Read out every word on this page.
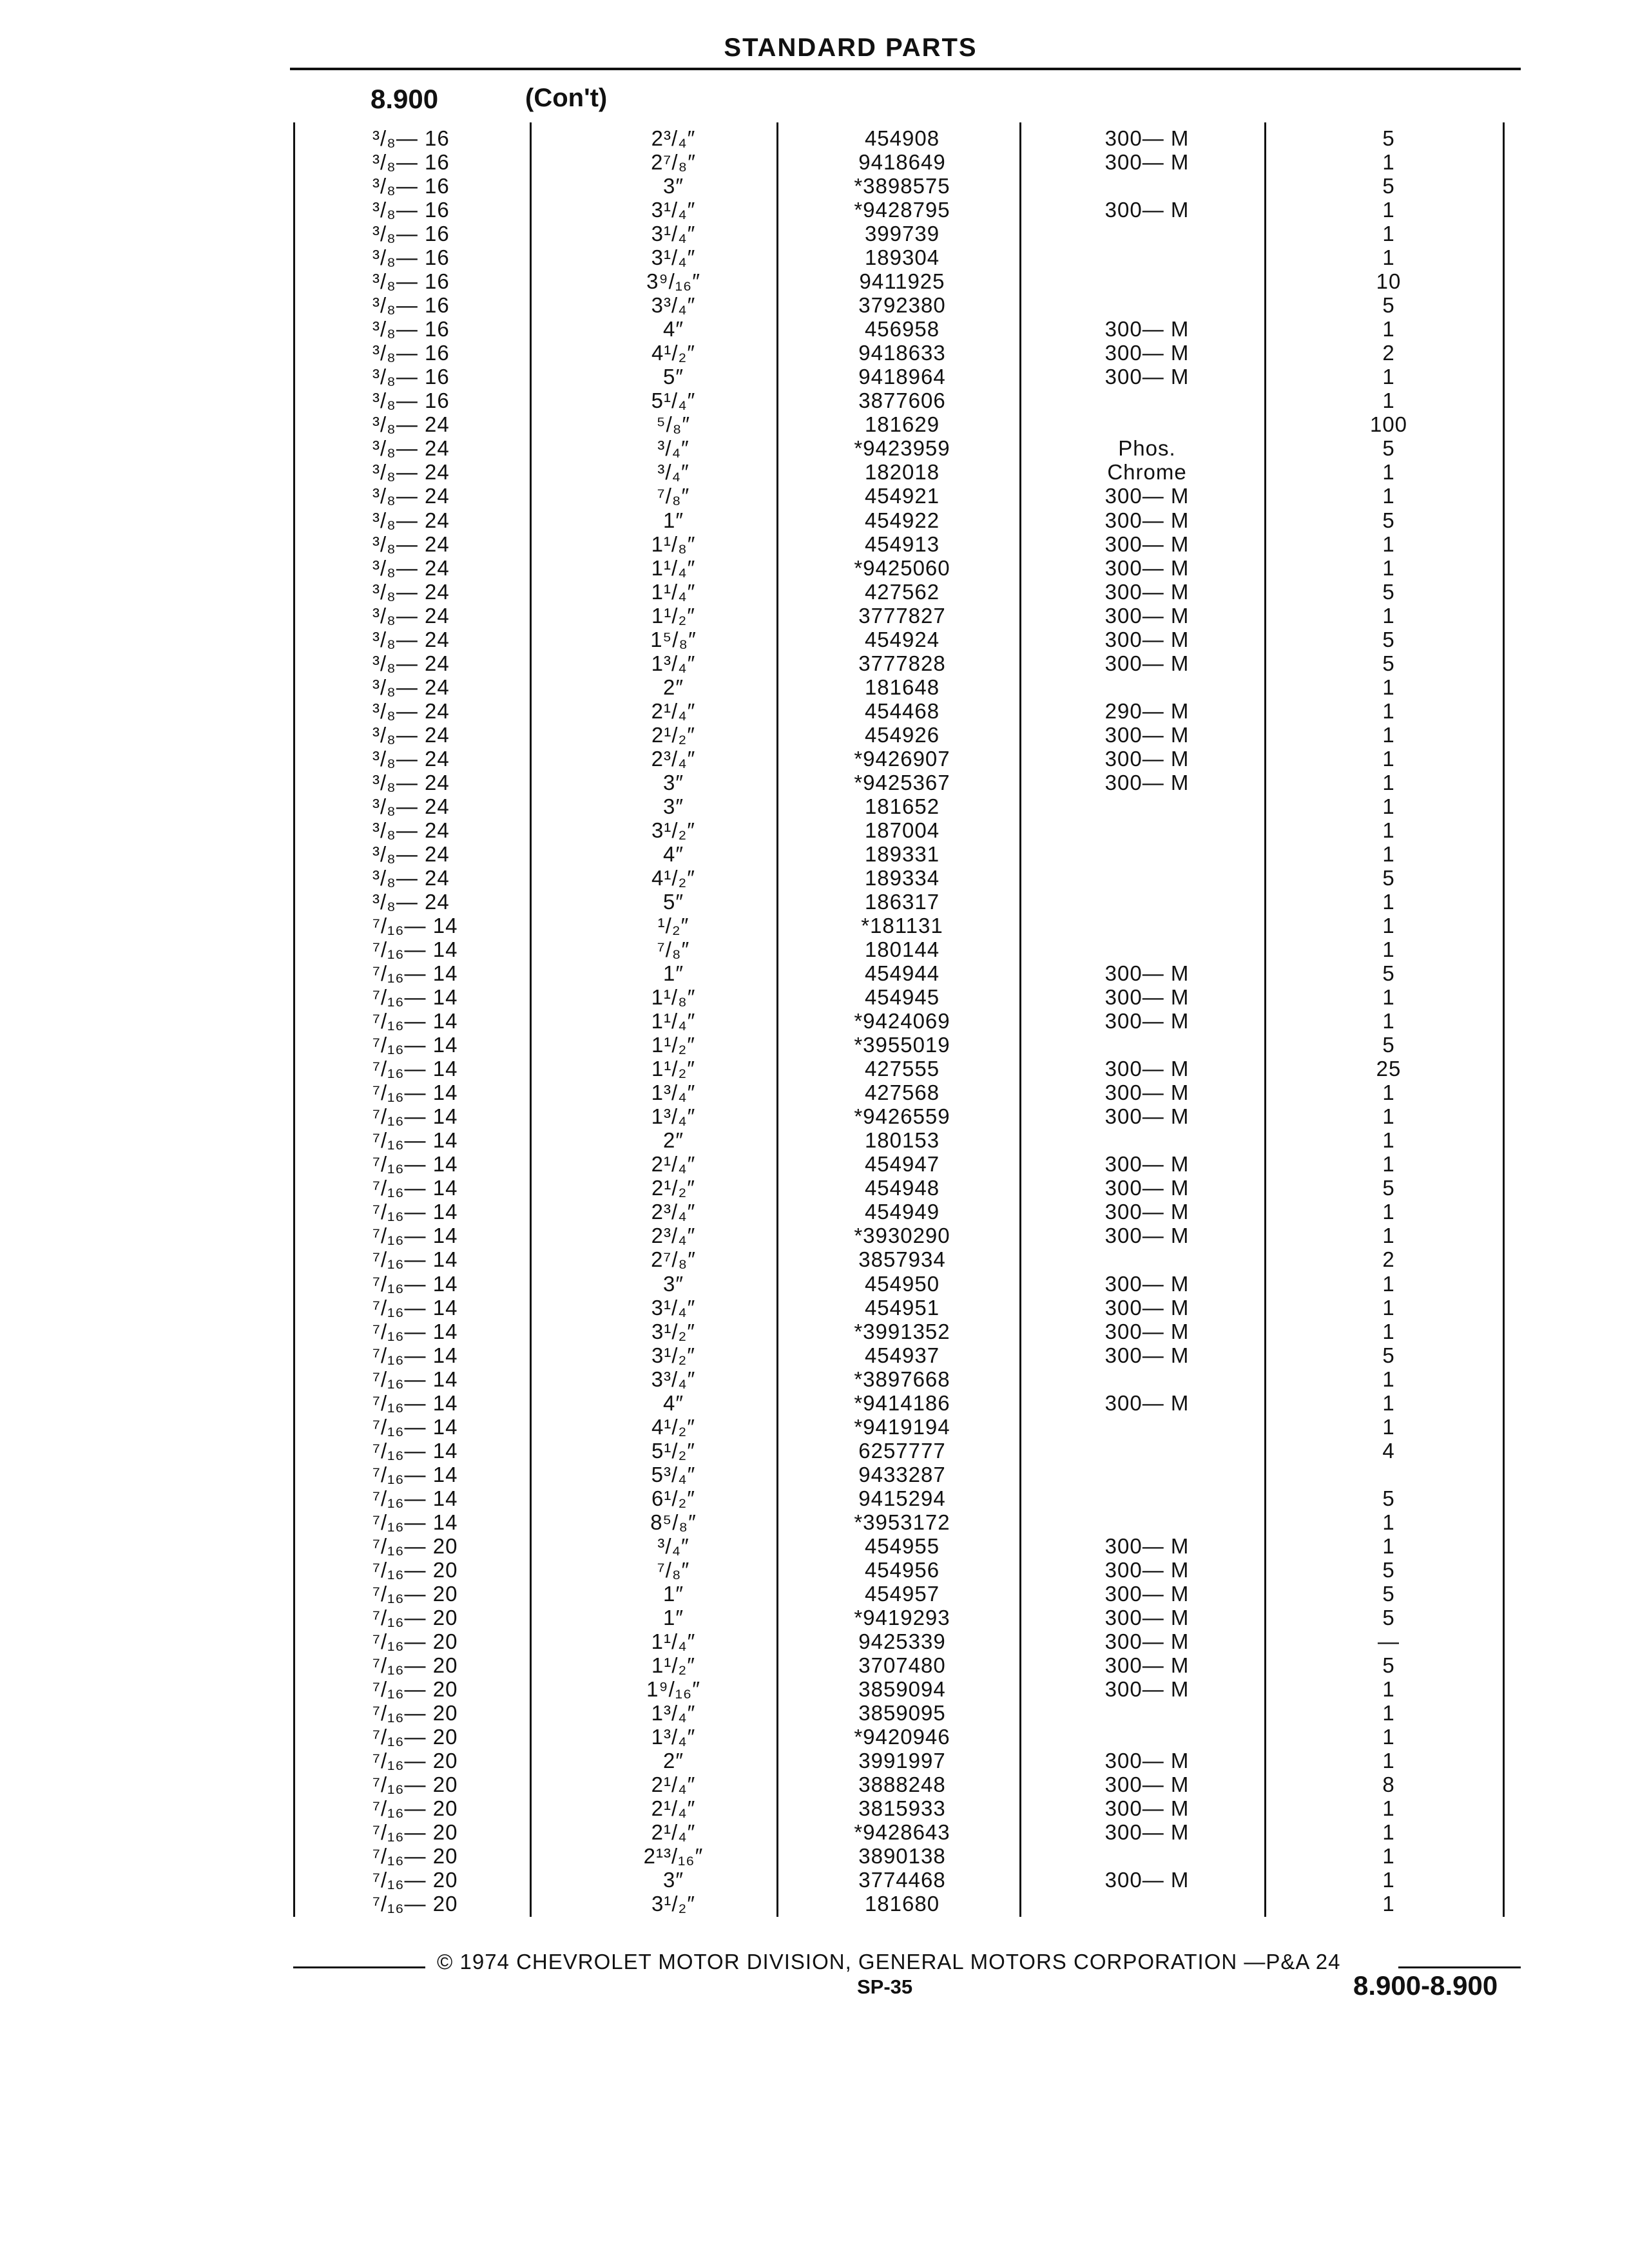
STANDARD PARTS
8.900	(Con't)
³/₈— 16	2³/₄″	454908	300— M	5
³/₈— 16	2⁷/₈″	9418649	300— M	1
³/₈— 16	3″	*3898575	5
³/₈— 16	3¹/₄″	*9428795	300— M	1
³/₈— 16	3¹/₄″	399739	1
³/₈— 16	3¹/₄″	189304	1
³/₈— 16	3⁹/₁₆″	9411925	10
³/₈— 16	3³/₄″	3792380	5
³/₈— 16	4″	456958	300— M	1
³/₈— 16	4¹/₂″	9418633	300— M	2
³/₈— 16	5″	9418964	300— M	1
³/₈— 16	5¹/₄″	3877606	1
³/₈— 24	⁵/₈″	181629	100
³/₈— 24	³/₄″	*9423959	Phos.	5
³/₈— 24	³/₄″	182018	Chrome	1
³/₈— 24	⁷/₈″	454921	300— M	1
³/₈— 24	1″	454922	300— M	5
³/₈— 24	1¹/₈″	454913	300— M	1
³/₈— 24	1¹/₄″	*9425060	300— M	1
³/₈— 24	1¹/₄″	427562	300— M	5
³/₈— 24	1¹/₂″	3777827	300— M	1
³/₈— 24	1⁵/₈″	454924	300— M	5
³/₈— 24	1³/₄″	3777828	300— M	5
³/₈— 24	2″	181648	1
³/₈— 24	2¹/₄″	454468	290— M	1
³/₈— 24	2¹/₂″	454926	300— M	1
³/₈— 24	2³/₄″	*9426907	300— M	1
³/₈— 24	3″	*9425367	300— M	1
³/₈— 24	3″	181652	1
³/₈— 24	3¹/₂″	187004	1
³/₈— 24	4″	189331	1
³/₈— 24	4¹/₂″	189334	5
³/₈— 24	5″	186317	1
⁷/₁₆— 14	¹/₂″	*181131	1
⁷/₁₆— 14	⁷/₈″	180144	1
⁷/₁₆— 14	1″	454944	300— M	5
⁷/₁₆— 14	1¹/₈″	454945	300— M	1
⁷/₁₆— 14	1¹/₄″	*9424069	300— M	1
⁷/₁₆— 14	1¹/₂″	*3955019	5
⁷/₁₆— 14	1¹/₂″	427555	300— M	25
⁷/₁₆— 14	1³/₄″	427568	300— M	1
⁷/₁₆— 14	1³/₄″	*9426559	300— M	1
⁷/₁₆— 14	2″	180153	1
⁷/₁₆— 14	2¹/₄″	454947	300— M	1
⁷/₁₆— 14	2¹/₂″	454948	300— M	5
⁷/₁₆— 14	2³/₄″	454949	300— M	1
⁷/₁₆— 14	2³/₄″	*3930290	300— M	1
⁷/₁₆— 14	2⁷/₈″	3857934	2
⁷/₁₆— 14	3″	454950	300— M	1
⁷/₁₆— 14	3¹/₄″	454951	300— M	1
⁷/₁₆— 14	3¹/₂″	*3991352	300— M	1
⁷/₁₆— 14	3¹/₂″	454937	300— M	5
⁷/₁₆— 14	3³/₄″	*3897668	1
⁷/₁₆— 14	4″	*9414186	300— M	1
⁷/₁₆— 14	4¹/₂″	*9419194	1
⁷/₁₆— 14	5¹/₂″	6257777	4
⁷/₁₆— 14	5³/₄″	9433287
⁷/₁₆— 14	6¹/₂″	9415294	5
⁷/₁₆— 14	8⁵/₈″	*3953172	1
⁷/₁₆— 20	³/₄″	454955	300— M	1
⁷/₁₆— 20	⁷/₈″	454956	300— M	5
⁷/₁₆— 20	1″	454957	300— M	5
⁷/₁₆— 20	1″	*9419293	300— M	5
⁷/₁₆— 20	1¹/₄″	9425339	300— M	—
⁷/₁₆— 20	1¹/₂″	3707480	300— M	5
⁷/₁₆— 20	1⁹/₁₆″	3859094	300— M	1
⁷/₁₆— 20	1³/₄″	3859095	1
⁷/₁₆— 20	1³/₄″	*9420946	1
⁷/₁₆— 20	2″	3991997	300— M	1
⁷/₁₆— 20	2¹/₄″	3888248	300— M	8
⁷/₁₆— 20	2¹/₄″	3815933	300— M	1
⁷/₁₆— 20	2¹/₄″	*9428643	300— M	1
⁷/₁₆— 20	2¹³/₁₆″	3890138	1
⁷/₁₆— 20	3″	3774468	300— M	1
⁷/₁₆— 20	3¹/₂″	181680	1
© 1974 CHEVROLET MOTOR DIVISION, GENERAL MOTORS CORPORATION —P&A 24
SP-35	8.900-8.900
